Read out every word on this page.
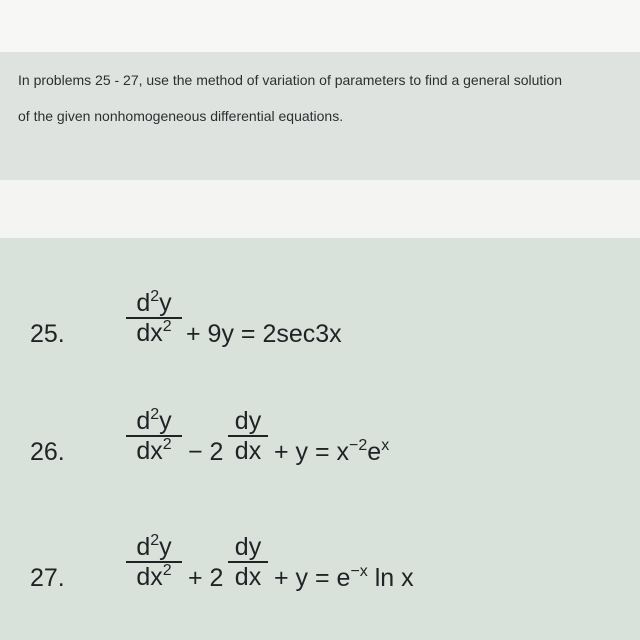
In problems 25 - 27, use the method of variation of parameters to find a general solution
of the given nonhomogeneous differential equations.
25.
$d^2y$
$dx^2 + 9y = 2\sec 3x$
26.
$d^2y$
$dx^2 - 2$
dy
dx + $y = x^{-2}e^x$
27.
$d^2y$
$dx^2 + 2$
dy
dx + $y = e^{-x}$ ln x
